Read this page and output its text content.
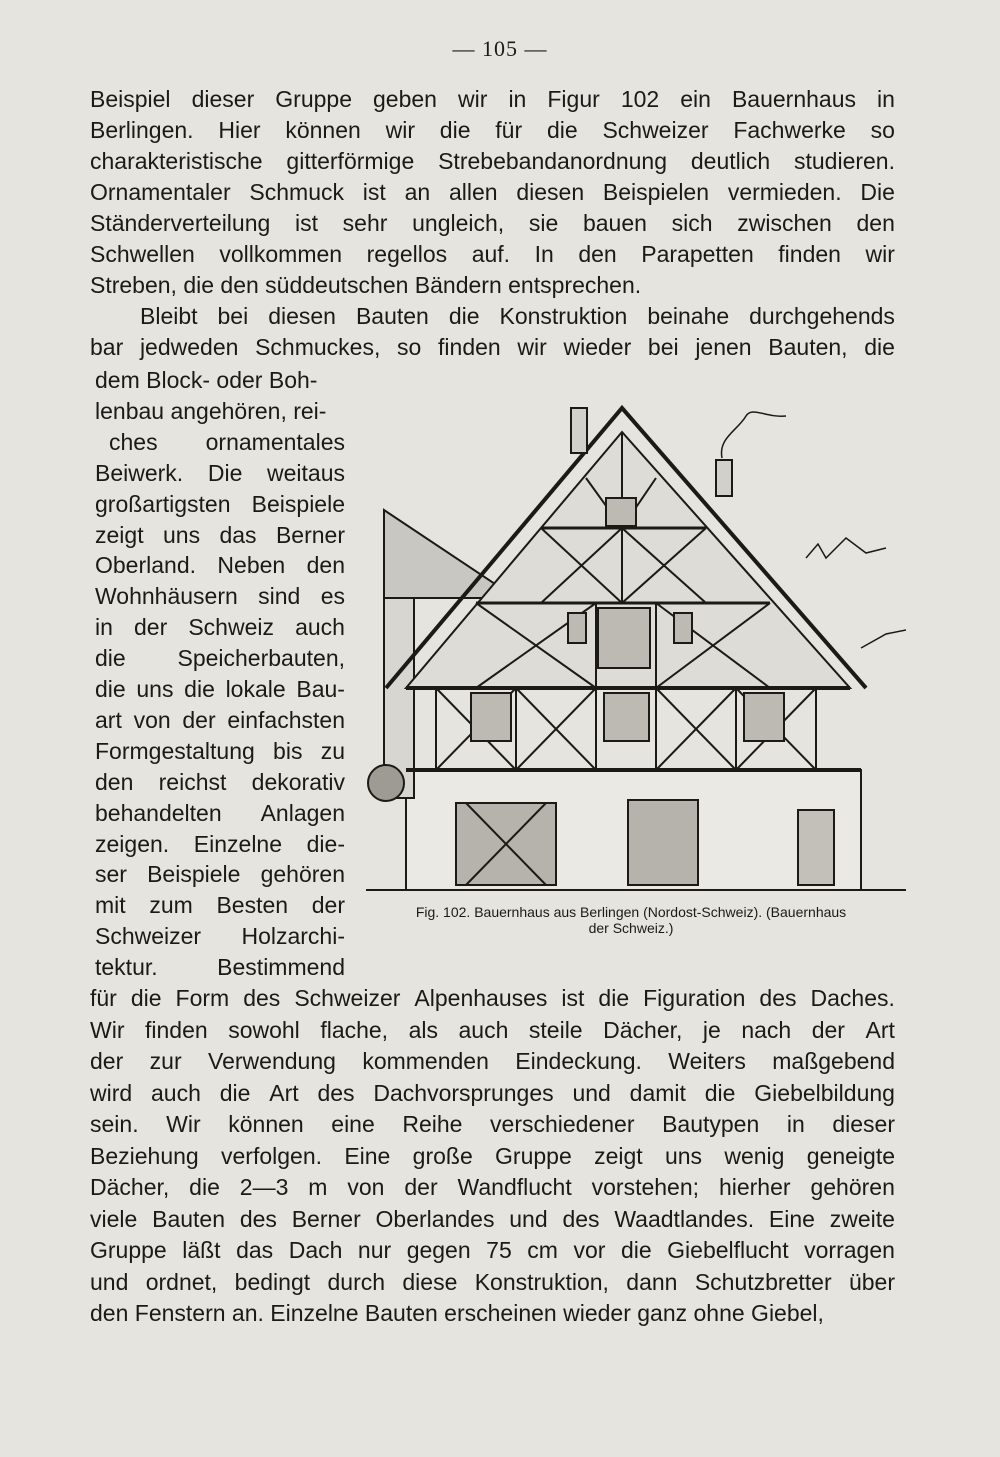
— 105 —
Beispiel dieser Gruppe geben wir in Figur 102 ein Bauernhaus in
Berlingen. Hier können wir die für die Schweizer Fachwerke so
charakteristische gitterförmige Strebebandanordnung deutlich studieren.
Ornamentaler Schmuck ist an allen diesen Beispielen vermieden. Die
Ständerverteilung ist sehr ungleich, sie bauen sich zwischen den
Schwellen vollkommen regellos auf. In den Parapetten finden wir
Streben, die den süddeutschen Bändern entsprechen.
Bleibt bei diesen Bauten die Konstruktion beinahe durchgehends
bar jedweden Schmuckes, so finden wir wieder bei jenen Bauten, die
dem Block- oder Boh-
lenbau angehören, rei-
ches ornamentales
Beiwerk. Die weitaus
großartigsten Beispiele
zeigt uns das Berner
Oberland. Neben den
Wohnhäusern sind es
in der Schweiz auch
die Speicherbauten,
die uns die lokale Bau-
art von der einfachsten
Formgestaltung bis zu
den reichst dekorativ
behandelten Anlagen
zeigen. Einzelne die-
ser Beispiele gehören
mit zum Besten der
Schweizer Holzarchi-
tektur.	Bestimmend
für die Form des Schweizer Alpenhauses ist die Figuration des Daches.
Wir finden sowohl flache, als auch steile Dächer, je nach der Art
der zur Verwendung kommenden Eindeckung. Weiters maßgebend
wird auch die Art des Dachvorsprunges und damit die Giebelbildung
sein. Wir können eine Reihe verschiedener Bautypen in dieser
Beziehung verfolgen. Eine große Gruppe zeigt uns wenig geneigte
Dächer, die 2—3 m von der Wandflucht vorstehen; hierher gehören
viele Bauten des Berner Oberlandes und des Waadtlandes. Eine zweite
Gruppe läßt das Dach nur gegen 75 cm vor die Giebelflucht vorragen
und ordnet, bedingt durch diese Konstruktion, dann Schutzbretter über
den Fenstern an. Einzelne Bauten erscheinen wieder ganz ohne Giebel,
Fig. 102. Bauernhaus aus Berlingen (Nordost-Schweiz). (Bauernhaus
der Schweiz.)
